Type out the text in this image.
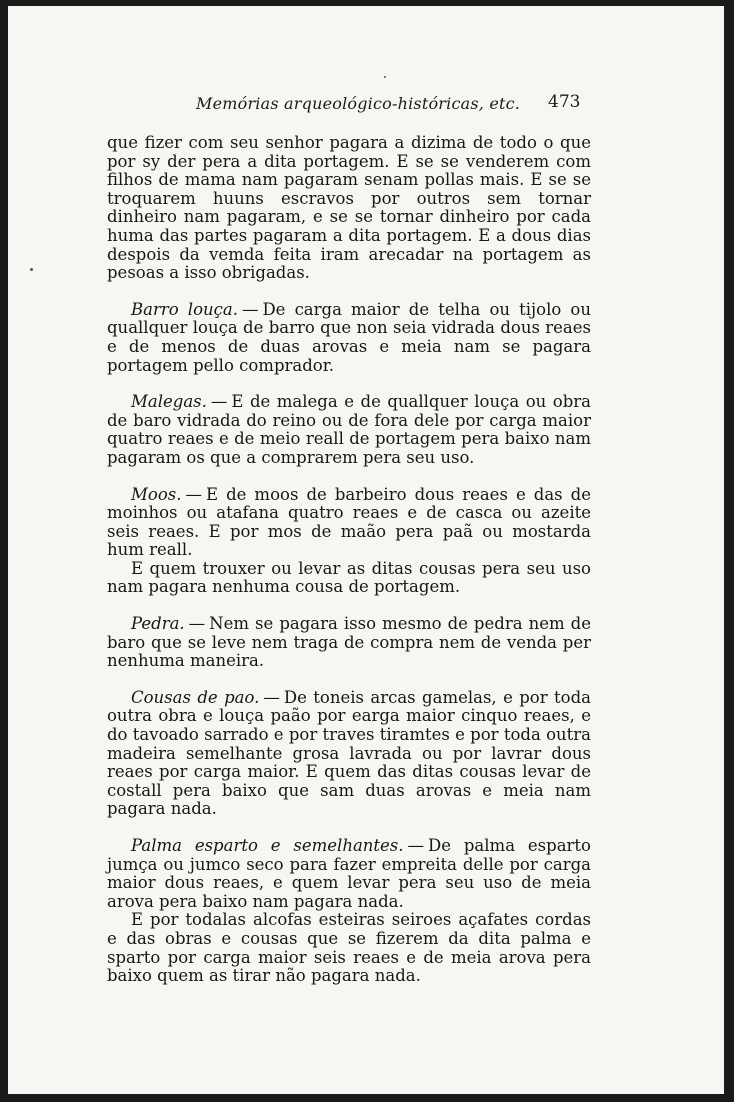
Memórias arqueológico-históricas, etc. 473

que fizer com seu senhor pagara a dizima de todo o que por sy der pera a dita portagem. E se se venderem com filhos de mama nam pagaram senam pollas mais. E se se troquarem huuns escravos por outros sem tornar dinheiro nam pagaram, e se se tornar dinheiro por cada huma das partes pagaram a dita portagem. E a dous dias despois da vemda feita iram arecadar na portagem as pesoas a isso obrigadas.

Barro louça. — De carga maior de telha ou tijolo ou quallquer louça de barro que non seia vidrada dous reaes e de menos de duas arovas e meia nam se pagara portagem pello comprador.

Malegas. — E de malega e de quallquer louça ou obra de baro vidrada do reino ou de fora dele por carga maior quatro reaes e de meio reall de portagem pera baixo nam pagaram os que a comprarem pera seu uso.

Moos. — E de moos de barbeiro dous reaes e das de moinhos ou atafana quatro reaes e de casca ou azeite seis reaes. E por mos de maão pera paã ou mostarda hum reall.

E quem trouxer ou levar as ditas cousas pera seu uso nam pagara nenhuma cousa de portagem.

Pedra. — Nem se pagara isso mesmo de pedra nem de baro que se leve nem traga de compra nem de venda per nenhuma maneira.

Cousas de pao. — De toneis arcas gamelas, e por toda outra obra e louça paão por earga maior cinquo reaes, e do tavoado sarrado e por traves tiramtes e por toda outra madeira semelhante grosa lavrada ou por lavrar dous reaes por carga maior. E quem das ditas cousas levar de costall pera baixo que sam duas arovas e meia nam pagara nada.

Palma esparto e semelhantes. — De palma esparto jumça ou jumco seco para fazer empreita delle por carga maior dous reaes, e quem levar pera seu uso de meia arova pera baixo nam pagara nada.

E por todalas alcofas esteiras seiroes açafates cordas e das obras e cousas que se fizerem da dita palma e sparto por carga maior seis reaes e de meia arova pera baixo quem as tirar não pagara nada.
